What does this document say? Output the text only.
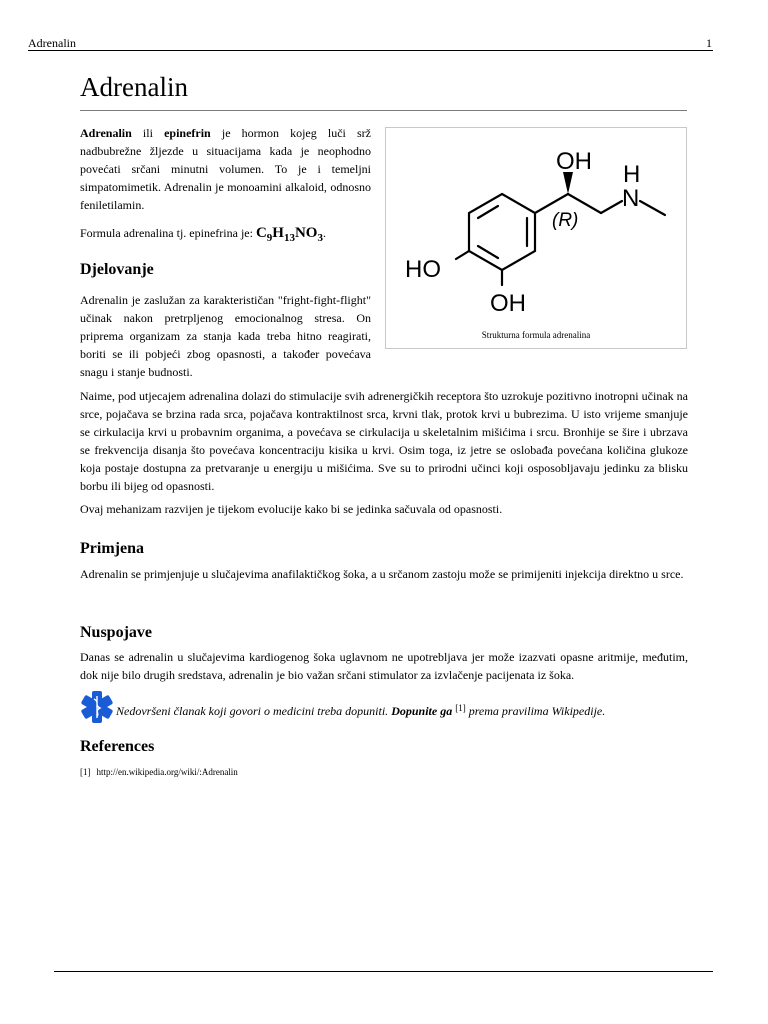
Adrenalin	1
Adrenalin

Adrenalin ili epinefrin je hormon kojeg luči srž nadbubrežne žljezde u situacijama kada je neophodno povećati srčani minutni volumen. To je i temeljni simpatomimetik. Adrenalin je monoamini alkaloid, odnosno feniletilamin.

Formula adrenalina tj. epinefrina je: $C_9H_{13}NO_3$.
Djelovanje

Adrenalin je zaslužan za karakterističan "fright-fight-flight" učinak nakon pretrpljenog emocionalnog stresa. On priprema organizam za stanja kada treba hitno reagirati, boriti se ili pobjeći zbog opasnosti, a također povećava snagu i stanje budnosti.

OH H
N
(R)
HO
OH
Strukturna formula adrenalina

Naime, pod utjecajem adrenalina dolazi do stimulacije svih adrenergičkih receptora što uzrokuje pozitivno inotropni učinak na srce, pojačava se brzina rada srca, pojačava kontraktilnost srca, krvni tlak, protok krvi u bubrezima. U isto vrijeme smanjuje se cirkulacija krvi u probavnim organima, a povećava se cirkulacija u skeletalnim mišićima i srcu. Bronhije se šire i ubrzava se frekvencija disanja što povećava koncentraciju kisika u krvi. Osim toga, iz jetre se oslobađa povećana količina glukoze koja postaje dostupna za pretvaranje u energiju u mišićima. Sve su to prirodni učinci koji osposobljavaju jedinku za blisku borbu ili bijeg od opasnosti.

Ovaj mehanizam razvijen je tijekom evolucije kako bi se jedinka sačuvala od opasnosti.

Primjena

Adrenalin se primjenjuje u slučajevima anafilaktičkog šoka, a u srčanom zastoju može se primijeniti injekcija direktno u srce.

Nuspojave

Danas se adrenalin u slučajevima kardiogenog šoka uglavnom ne upotrebljava jer može izazvati opasne aritmije, međutim, dok nije bilo drugih sredstava, adrenalin je bio važan srčani stimulator za izvlačenje pacijenata iz šoka.

Nedovršeni članak koji govori o medicini treba dopuniti. Dopunite ga [1] prema pravilima Wikipedije.
References
[1] http://en.wikipedia.org/wiki/:Adrenalin
